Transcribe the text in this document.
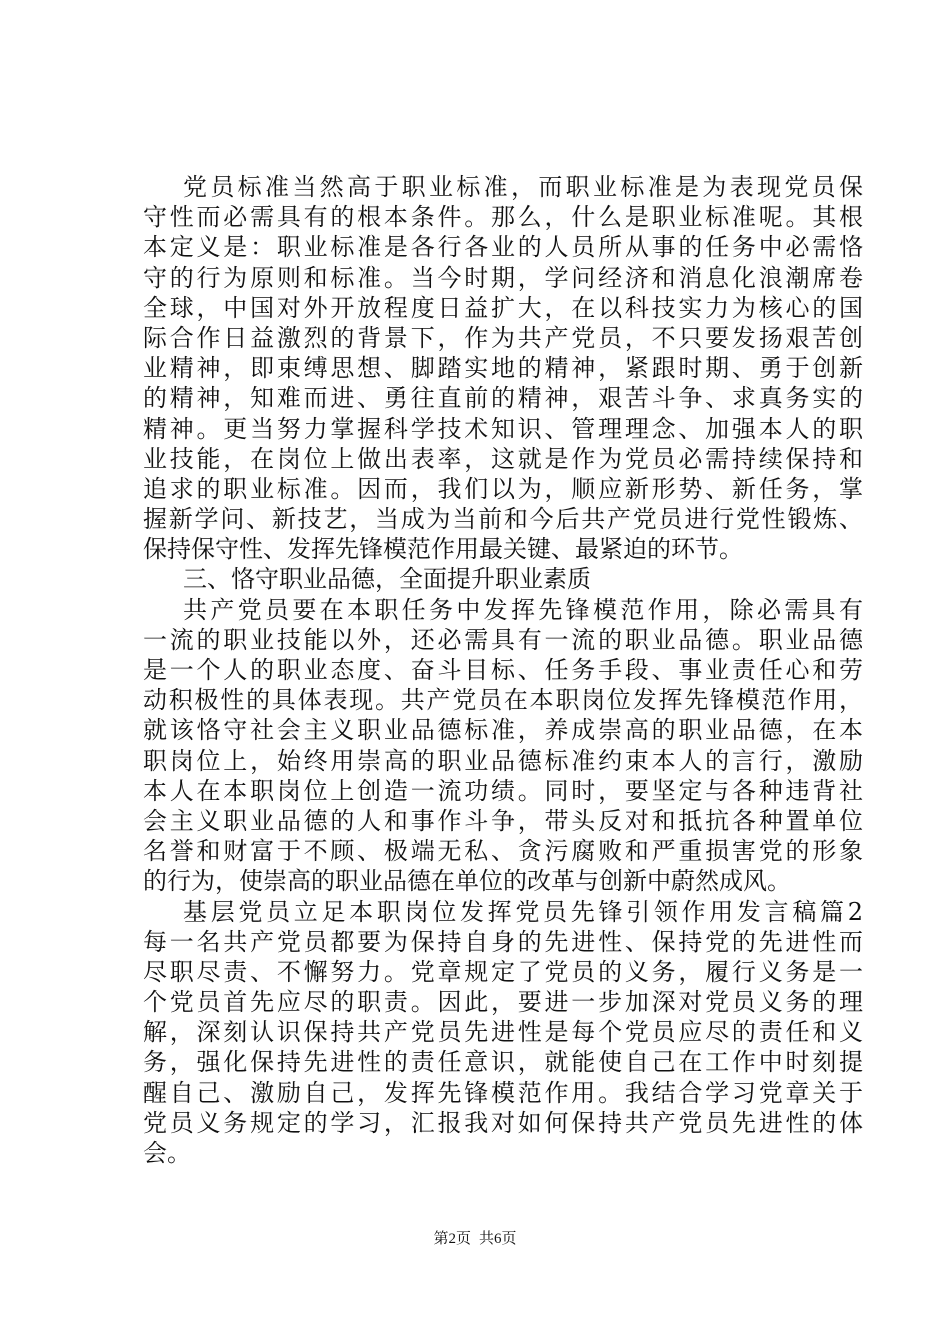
党员标准当然高于职业标准，而职业标准是为表现党员保
守性而必需具有的根本条件。那么，什么是职业标准呢。其根
本定义是：职业标准是各行各业的人员所从事的任务中必需恪
守的行为原则和标准。当今时期，学问经济和消息化浪潮席卷
全球，中国对外开放程度日益扩大，在以科技实力为核心的国
际合作日益激烈的背景下，作为共产党员，不只要发扬艰苦创
业精神，即束缚思想、脚踏实地的精神，紧跟时期、勇于创新
的精神，知难而进、勇往直前的精神，艰苦斗争、求真务实的
精神。更当努力掌握科学技术知识、管理理念、加强本人的职
业技能，在岗位上做出表率，这就是作为党员必需持续保持和
追求的职业标准。因而，我们以为，顺应新形势、新任务，掌
握新学问、新技艺，当成为当前和今后共产党员进行党性锻炼、
保持保守性、发挥先锋模范作用最关键、最紧迫的环节。
三、恪守职业品德，全面提升职业素质
共产党员要在本职任务中发挥先锋模范作用，除必需具有
一流的职业技能以外，还必需具有一流的职业品德。职业品德
是一个人的职业态度、奋斗目标、任务手段、事业责任心和劳
动积极性的具体表现。共产党员在本职岗位发挥先锋模范作用，
就该恪守社会主义职业品德标准，养成崇高的职业品德，在本
职岗位上，始终用崇高的职业品德标准约束本人的言行，激励
本人在本职岗位上创造一流功绩。同时，要坚定与各种违背社
会主义职业品德的人和事作斗争，带头反对和抵抗各种置单位
名誉和财富于不顾、极端无私、贪污腐败和严重损害党的形象
的行为，使崇高的职业品德在单位的改革与创新中蔚然成风。
基层党员立足本职岗位发挥党员先锋引领作用发言稿篇2
每一名共产党员都要为保持自身的先进性、保持党的先进性而
尽职尽责、不懈努力。党章规定了党员的义务，履行义务是一
个党员首先应尽的职责。因此，要进一步加深对党员义务的理
解，深刻认识保持共产党员先进性是每个党员应尽的责任和义
务，强化保持先进性的责任意识，就能使自己在工作中时刻提
醒自己、激励自己，发挥先锋模范作用。我结合学习党章关于
党员义务规定的学习，汇报我对如何保持共产党员先进性的体
会。
第2页 共6页
